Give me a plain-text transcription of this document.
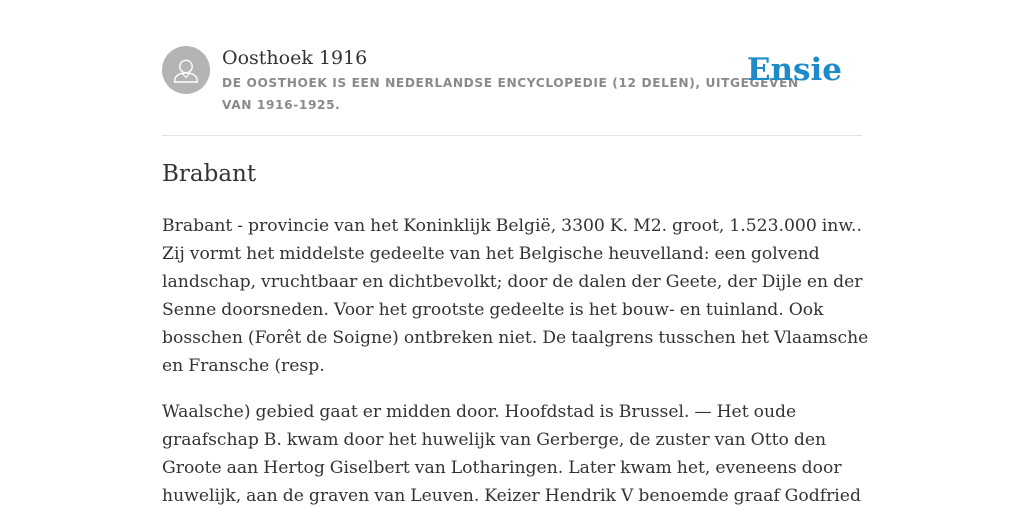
Oosthoek 1916
DE OOSTHOEK IS EEN NEDERLANDSE ENCYCLOPEDIE (12 DELEN), UITGEGEVEN
VAN 1916-1925.
Ensie
Brabant

Brabant - provincie van het Koninklijk België, 3300 K. M2. groot, 1.523.000 inw..
Zij vormt het middelste gedeelte van het Belgische heuvelland: een golvend
landschap, vruchtbaar en dichtbevolkt; door de dalen der Geete, der Dijle en der
Senne doorsneden. Voor het grootste gedeelte is het bouw- en tuinland. Ook
bosschen (Forêt de Soigne) ontbreken niet. De taalgrens tusschen het Vlaamsche
en Fransche (resp.

Waalsche) gebied gaat er midden door. Hoofdstad is Brussel. — Het oude
graafschap B. kwam door het huwelijk van Gerberge, de zuster van Otto den
Groote aan Hertog Giselbert van Lotharingen. Later kwam het, eveneens door
huwelijk, aan de graven van Leuven. Keizer Hendrik V benoemde graaf Godfried
